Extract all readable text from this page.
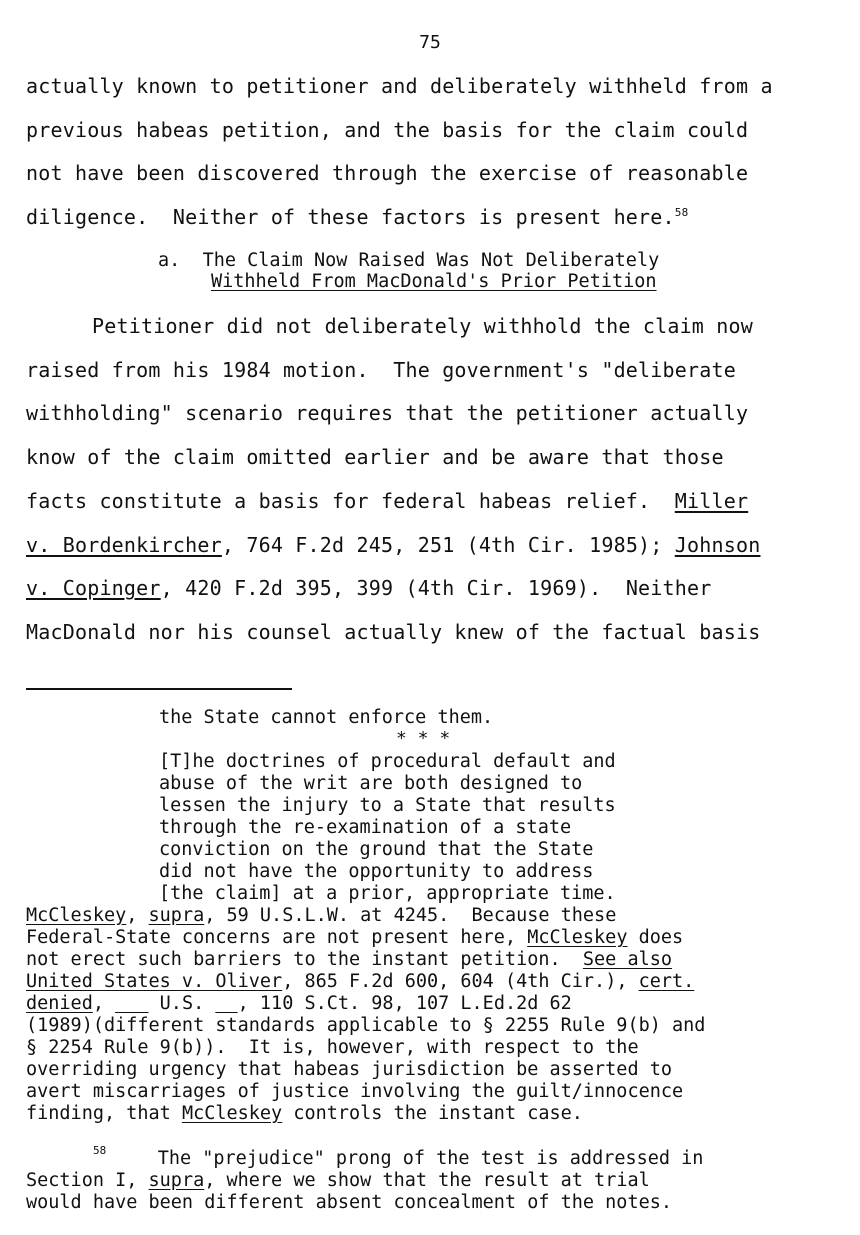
75
actually known to petitioner and deliberately withheld from a
previous habeas petition, and the basis for the claim could
not have been discovered through the exercise of reasonable
diligence.  Neither of these factors is present here.$^{58}$
a. The Claim Now Raised Was Not Deliberately
Withheld From MacDonald's Prior Petition
Petitioner did not deliberately withhold the claim now
raised from his 1984 motion.  The government's "deliberate
withholding" scenario requires that the petitioner actually
know of the claim omitted earlier and be aware that those
facts constitute a basis for federal habeas relief.  Miller
v. Bordenkircher, 764 F.2d 245, 251 (4th Cir. 1985); Johnson
v. Copinger, 420 F.2d 395, 399 (4th Cir. 1969).  Neither
MacDonald nor his counsel actually knew of the factual basis
the State cannot enforce them.
* * *
[T]he doctrines of procedural default and
abuse of the writ are both designed to
lessen the injury to a State that results
through the re-examination of a state
conviction on the ground that the State
did not have the opportunity to address
[the claim] at a prior, appropriate time.
McCleskey, supra, 59 U.S.L.W. at 4245.  Because these
Federal-State concerns are not present here, McCleskey does
not erect such barriers to the instant petition.  See also
United States v. Oliver, 865 F.2d 600, 604 (4th Cir.), cert.
denied,     U.S.   , 110 S.Ct. 98, 107 L.Ed.2d 62
(1989)(different standards applicable to § 2255 Rule 9(b) and
§ 2254 Rule 9(b)).  It is, however, with respect to the
overriding urgency that habeas jurisdiction be asserted to
avert miscarriages of justice involving the guilt/innocence
finding, that McCleskey controls the instant case.
58
The "prejudice" prong of the test is addressed in
Section I, supra, where we show that the result at trial
would have been different absent concealment of the notes.
